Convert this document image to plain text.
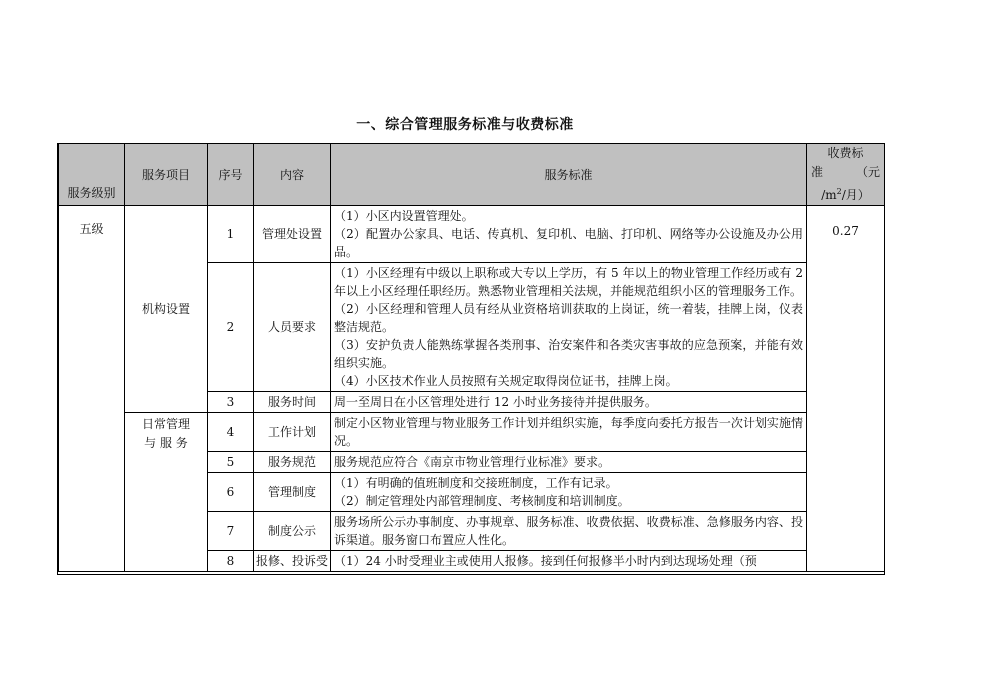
一、综合管理服务标准与收费标准
服务级别	服务项目	序号	内容	服务标准	收费标
准 （元
$/m^2/$月）

五级	机构设置	1	管理处设置	（1）小区内设置管理处。
（2）配置办公家具、电话、传真机、复印机、电脑、打印机、网络等办公设施及办公用品。	0.27
		2	人员要求	（1）小区经理有中级以上职称或大专以上学历，有 5 年以上的物业管理工作经历或有 2 年以上小区经理任职经历。熟悉物业管理相关法规，并能规范组织小区的管理服务工作。
（2）小区经理和管理人员有经从业资格培训获取的上岗证，统一着装，挂牌上岗，仪表整洁规范。
（3）安护负责人能熟练掌握各类刑事、治安案件和各类灾害事故的应急预案，并能有效组织实施。
（4）小区技术作业人员按照有关规定取得岗位证书，挂牌上岗。	

		3	服务时间	周一至周日在小区管理处进行 12 小时业务接待并提供服务。	

	日常管理
与 服 务	4	工作计划	制定小区物业管理与物业服务工作计划并组织实施，每季度向委托方报告一次计划实施情况。	

		5	服务规范	服务规范应符合《南京市物业管理行业标准》要求。	

		6	管理制度	（1）有明确的值班制度和交接班制度，工作有记录。
（2）制定管理处内部管理制度、考核制度和培训制度。	

		7	制度公示	服务场所公示办事制度、办事规章、服务标准、收费依据、收费标准、急修服务内容、投诉渠道。服务窗口布置应人性化。	

		8	报修、投诉受	（1）24 小时受理业主或使用人报修。接到任何报修半小时内到达现场处理（预	
